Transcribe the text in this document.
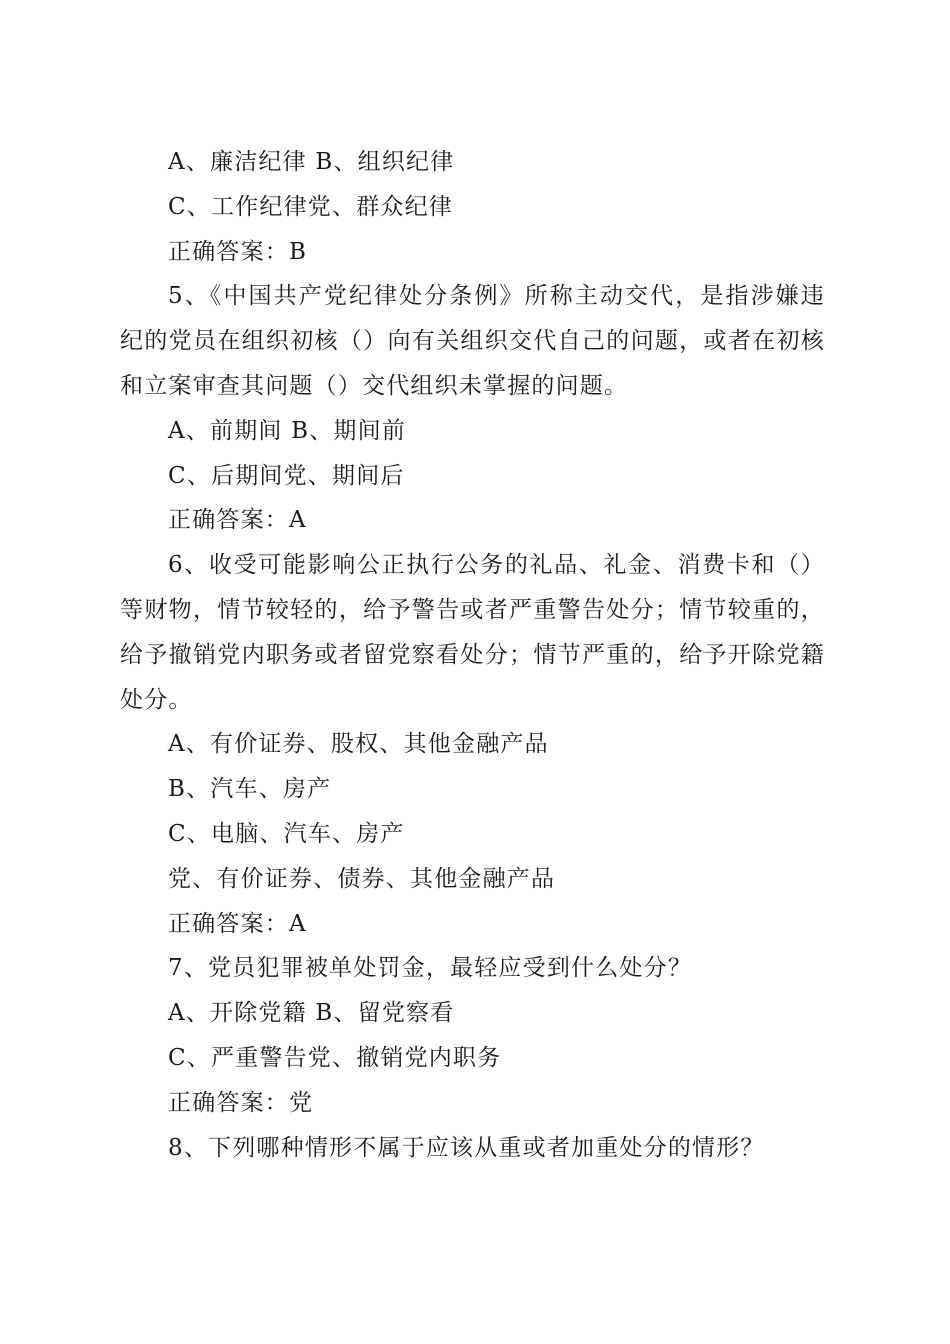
A、廉洁纪律 B、组织纪律
C、工作纪律党、群众纪律
正确答案：B
5、《中国共产党纪律处分条例》所称主动交代，是指涉嫌违纪的党员在组织初核（）向有关组织交代自己的问题，或者在初核和立案审查其问题（）交代组织未掌握的问题。
A、前期间 B、期间前
C、后期间党、期间后
正确答案：A
6、收受可能影响公正执行公务的礼品、礼金、消费卡和（）等财物，情节较轻的，给予警告或者严重警告处分；情节较重的，给予撤销党内职务或者留党察看处分；情节严重的，给予开除党籍处分。
A、有价证券、股权、其他金融产品
B、汽车、房产
C、电脑、汽车、房产
党、有价证券、债券、其他金融产品
正确答案：A
7、党员犯罪被单处罚金，最轻应受到什么处分？
A、开除党籍 B、留党察看
C、严重警告党、撤销党内职务
正确答案：党
8、下列哪种情形不属于应该从重或者加重处分的情形？
